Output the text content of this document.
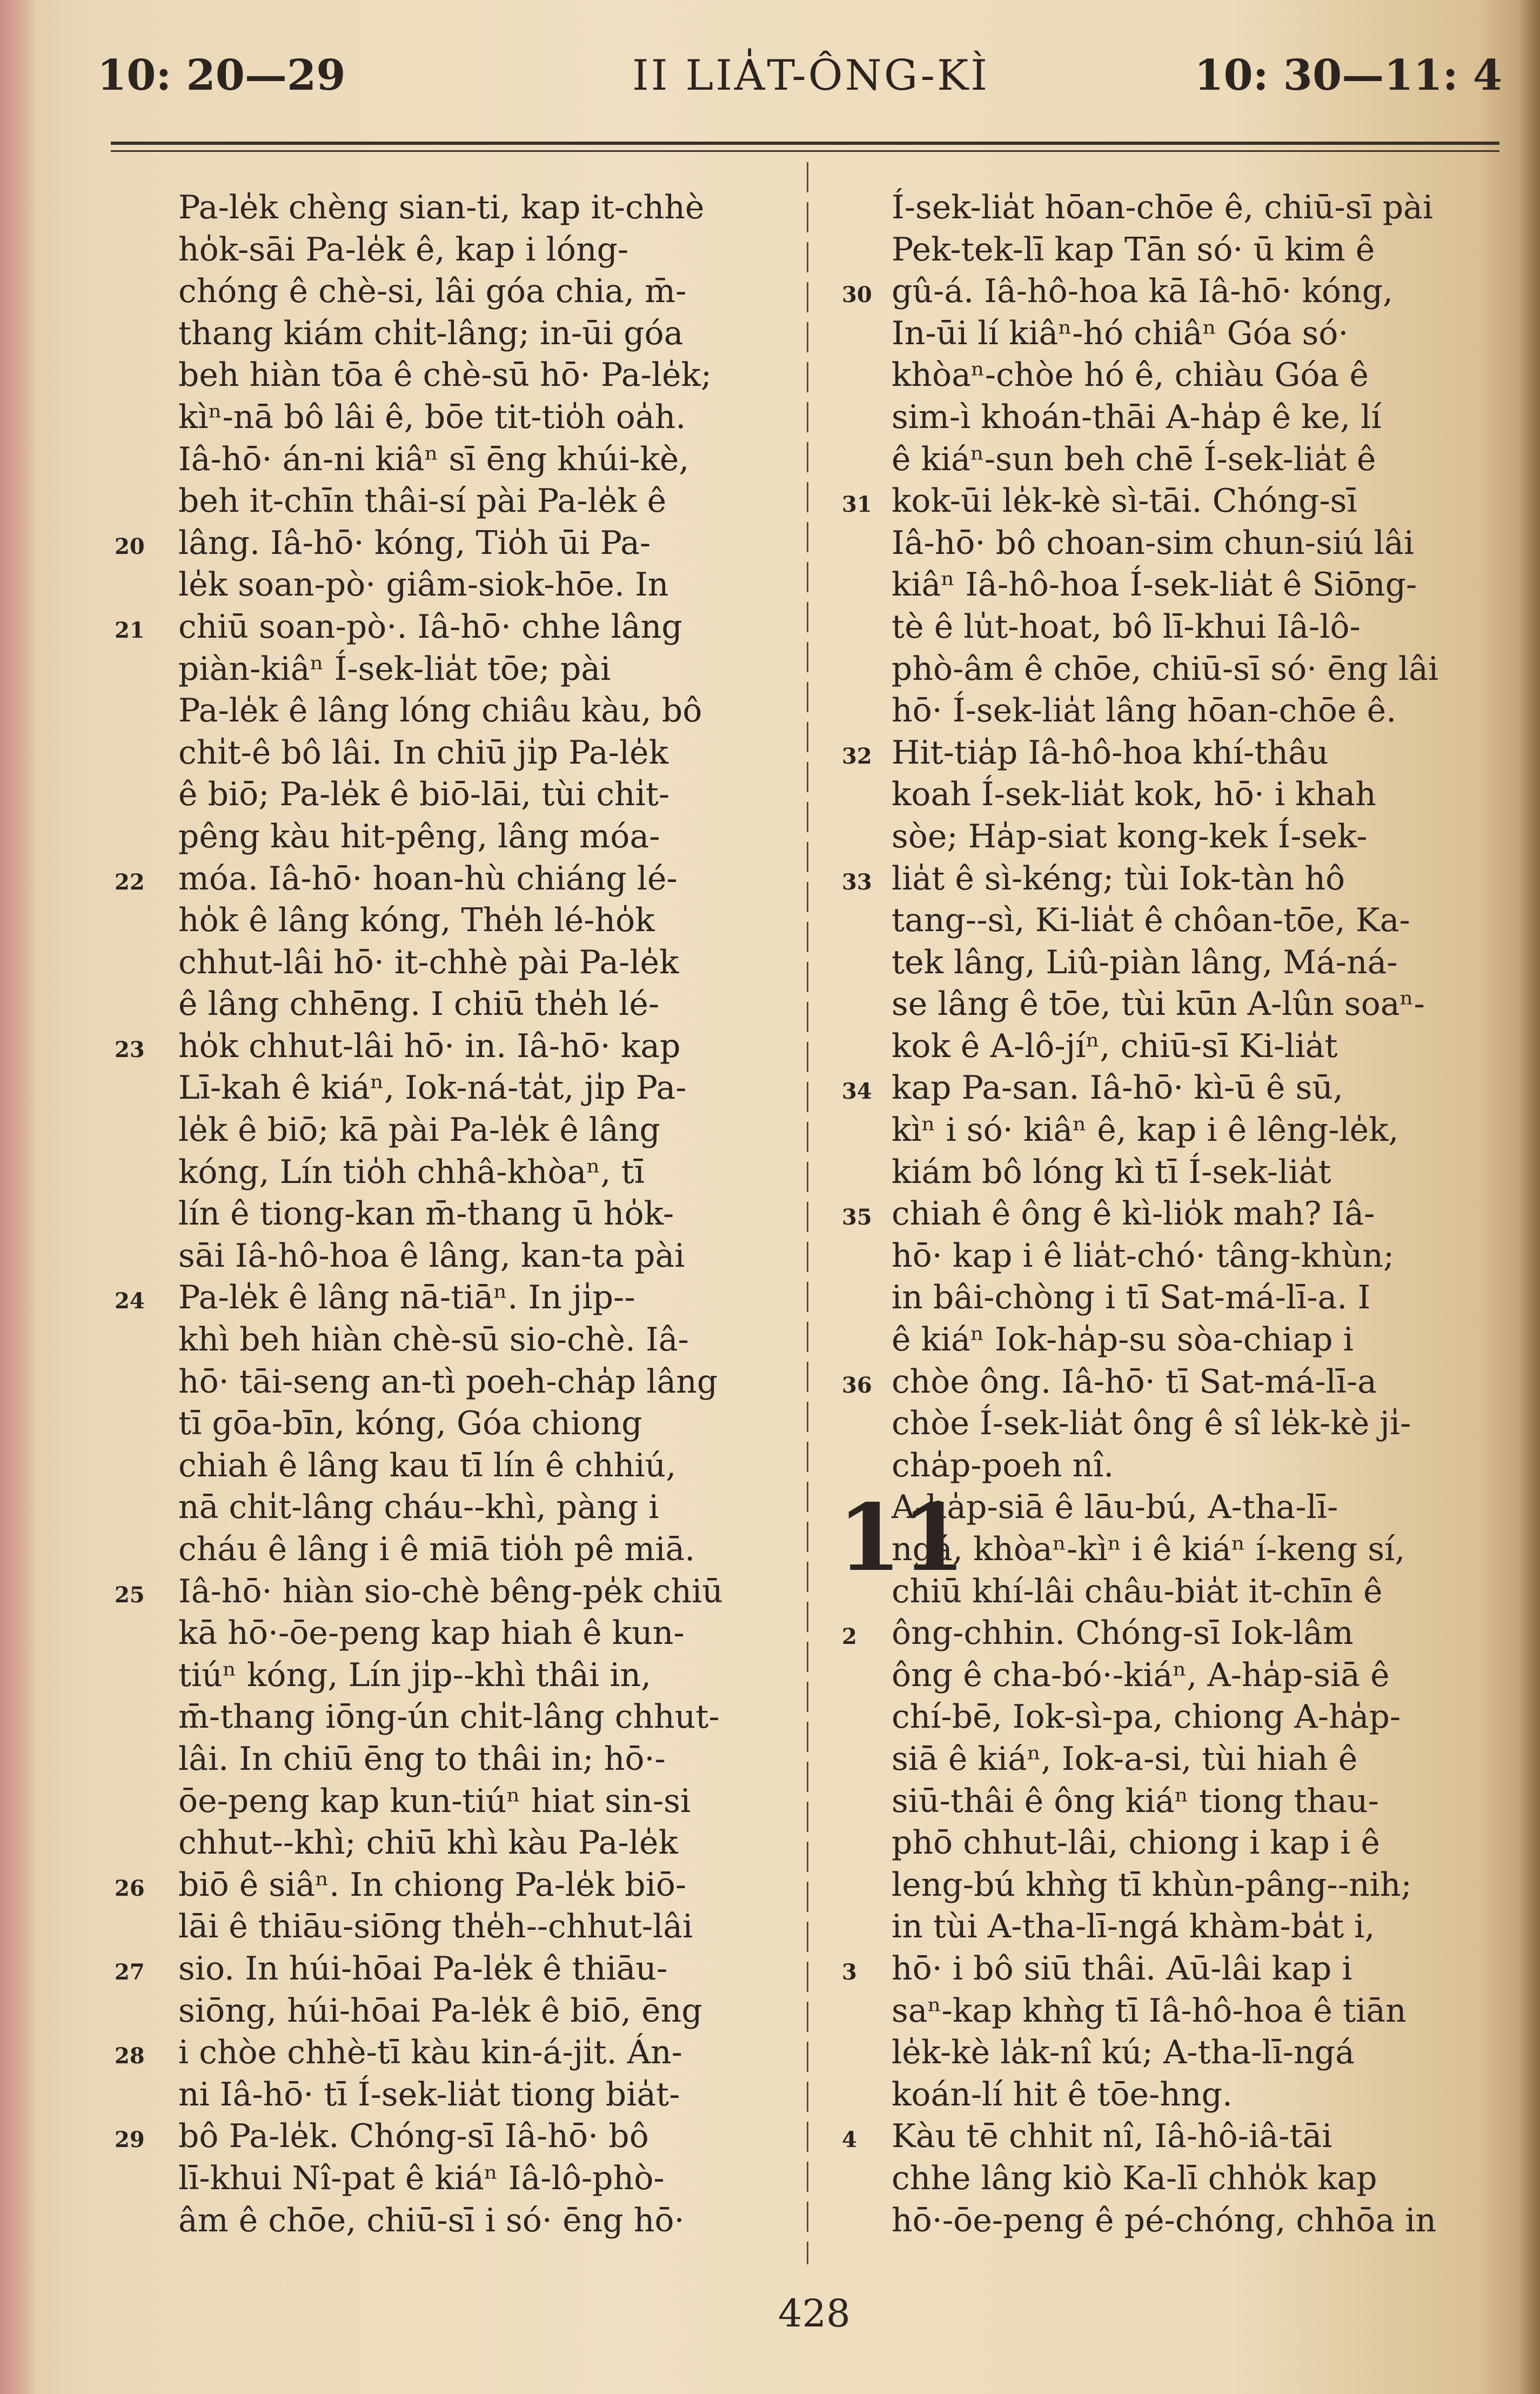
10: 20—29	II LIA̍T-ÔNG-KÌ	10: 30—11: 4
Pa-le̍k chèng sian-ti, kap it-chhè
ho̍k-sāi Pa-le̍k ê, kap i lóng-
chóng ê chè-si, lâi góa chia, m̄-
thang kiám chi̍t-lâng; in-ūi góa
beh hiàn tōa ê chè-sū hō· Pa-le̍k;
kìⁿ-nā bô lâi ê, bōe tit-tio̍h oa̍h.
Iâ-hō· án-ni kiâⁿ sī ēng khúi-kè,
beh it-chīn thâi-sí pài Pa-le̍k ê
20 lâng. Iâ-hō· kóng, Tio̍h ūi Pa-
le̍k soan-pò· giâm-siok-hōe. In
21 chiū soan-pò·. Iâ-hō· chhe lâng
piàn-kiâⁿ Í-sek-lia̍t tōe; pài
Pa-le̍k ê lâng lóng chiâu kàu, bô
chi̍t-ê bô lâi. In chiū ji̍p Pa-le̍k
ê biō; Pa-le̍k ê biō-lāi, tùi chi̍t-
pêng kàu hit-pêng, lâng móa-
22 móa. Iâ-hō· hoan-hù chiáng lé-
ho̍k ê lâng kóng, The̍h lé-ho̍k
chhut-lâi hō· it-chhè pài Pa-le̍k
ê lâng chhēng. I chiū the̍h lé-
23 ho̍k chhut-lâi hō· in. Iâ-hō· kap
Lī-kah ê kiáⁿ, Iok-ná-ta̍t, ji̍p Pa-
le̍k ê biō; kā pài Pa-le̍k ê lâng
kóng, Lín tio̍h chhâ-khòaⁿ, tī
lín ê tiong-kan m̄-thang ū ho̍k-
sāi Iâ-hô-hoa ê lâng, kan-ta pài
24 Pa-le̍k ê lâng nā-tiāⁿ. In ji̍p--
khì beh hiàn chè-sū sio-chè. Iâ-
hō· tāi-seng an-tì poeh-cha̍p lâng
tī gōa-bīn, kóng, Góa chiong
chiah ê lâng kau tī lín ê chhiú,
nā chi̍t-lâng cháu--khì, pàng i
cháu ê lâng i ê miā tio̍h pê miā.
25 Iâ-hō· hiàn sio-chè bêng-pe̍k chiū
kā hō·-ōe-peng kap hiah ê kun-
tiúⁿ kóng, Lín ji̍p--khì thâi in,
m̄-thang iōng-ún chi̍t-lâng chhut-
lâi. In chiū ēng to thâi in; hō·-
ōe-peng kap kun-tiúⁿ hiat sin-si
chhut--khì; chiū khì kàu Pa-le̍k
26 biō ê siâⁿ. In chiong Pa-le̍k biō-
lāi ê thiāu-siōng the̍h--chhut-lâi
27 sio. In húi-hōai Pa-le̍k ê thiāu-
siōng, húi-hōai Pa-le̍k ê biō, ēng
28 i chòe chhè-tī kàu kin-á-ji̍t. Án-
ni Iâ-hō· tī Í-sek-lia̍t tiong bia̍t-
29 bô Pa-le̍k. Chóng-sī Iâ-hō· bô
lī-khui Nî-pat ê kiáⁿ Iâ-lô-phò-
âm ê chōe, chiū-sī i só· ēng hō·
Í-sek-lia̍t hōan-chōe ê, chiū-sī pài
Pek-tek-lī kap Tān só· ū kim ê
30 gû-á. Iâ-hô-hoa kā Iâ-hō· kóng,
In-ūi lí kiâⁿ-hó chiâⁿ Góa só·
khòaⁿ-chòe hó ê, chiàu Góa ê
sim-ì khoán-thāi A-ha̍p ê ke, lí
ê kiáⁿ-sun beh chē Í-sek-lia̍t ê
31 kok-ūi le̍k-kè sì-tāi. Chóng-sī
Iâ-hō· bô choan-sim chun-siú lâi
kiâⁿ Iâ-hô-hoa Í-sek-lia̍t ê Siōng-
tè ê lu̍t-hoat, bô lī-khui Iâ-lô-
phò-âm ê chōe, chiū-sī só· ēng lâi
hō· Í-sek-lia̍t lâng hōan-chōe ê.
32 Hit-tia̍p Iâ-hô-hoa khí-thâu
koah Í-sek-lia̍t kok, hō· i khah
sòe; Ha̍p-siat kong-kek Í-sek-
33 lia̍t ê sì-kéng; tùi Iok-tàn hô
tang--sì, Ki-lia̍t ê chôan-tōe, Ka-
tek lâng, Liû-piàn lâng, Má-ná-
se lâng ê tōe, tùi kūn A-lûn soaⁿ-
kok ê A-lô-jíⁿ, chiū-sī Ki-lia̍t
34 kap Pa-san. Iâ-hō· kì-ū ê sū,
kìⁿ i só· kiâⁿ ê, kap i ê lêng-le̍k,
kiám bô lóng kì tī Í-sek-lia̍t
35 chiah ê ông ê kì-lio̍k mah? Iâ-
hō· kap i ê lia̍t-chó· tâng-khùn;
in bâi-chòng i tī Sat-má-lī-a. I
ê kiáⁿ Iok-ha̍p-su sòa-chiap i
36 chòe ông. Iâ-hō· tī Sat-má-lī-a
chòe Í-sek-lia̍t ông ê sî le̍k-kè ji̍-
cha̍p-poeh nî.
11
A-ha̍p-siā ê lāu-bú, A-tha-lī-
ngá, khòaⁿ-kìⁿ i ê kiáⁿ í-keng sí,
chiū khí-lâi châu-bia̍t it-chīn ê
2 ông-chhin. Chóng-sī Iok-lâm
ông ê cha-bó·-kiáⁿ, A-ha̍p-siā ê
chí-bē, Iok-sì-pa, chiong A-ha̍p-
siā ê kiáⁿ, Iok-a-si, tùi hiah ê
siū-thâi ê ông kiáⁿ tiong thau-
phō chhut-lâi, chiong i kap i ê
leng-bú khǹg tī khùn-pâng--nih;
in tùi A-tha-lī-ngá khàm-ba̍t i,
3 hō· i bô siū thâi. Aū-lâi kap i
saⁿ-kap khǹg tī Iâ-hô-hoa ê tiān
le̍k-kè la̍k-nî kú; A-tha-lī-ngá
koán-lí hit ê tōe-hng.
4 Kàu tē chhit nî, Iâ-hô-iâ-tāi
chhe lâng kiò Ka-lī chho̍k kap
hō·-ōe-peng ê pé-chóng, chhōa in
428
